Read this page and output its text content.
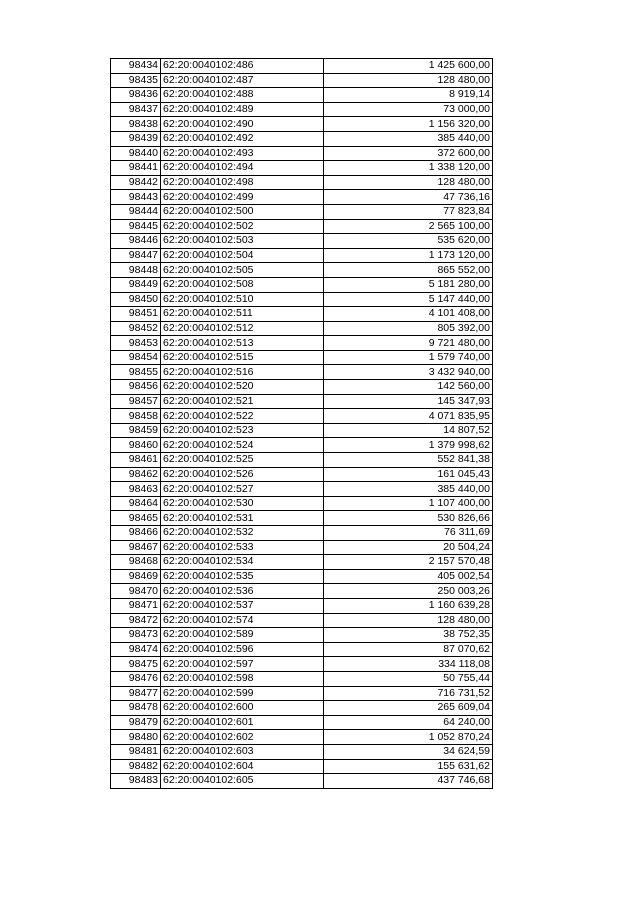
98434	62:20:0040102:486	1 425 600,00
98435	62:20:0040102:487	128 480,00
98436	62:20:0040102:488	8 919,14
98437	62:20:0040102:489	73 000,00
98438	62:20:0040102:490	1 156 320,00
98439	62:20:0040102:492	385 440,00
98440	62:20:0040102:493	372 600,00
98441	62:20:0040102:494	1 338 120,00
98442	62:20:0040102:498	128 480,00
98443	62:20:0040102:499	47 736,16
98444	62:20:0040102:500	77 823,84
98445	62:20:0040102:502	2 565 100,00
98446	62:20:0040102:503	535 620,00
98447	62:20:0040102:504	1 173 120,00
98448	62:20:0040102:505	865 552,00
98449	62:20:0040102:508	5 181 280,00
98450	62:20:0040102:510	5 147 440,00
98451	62:20:0040102:511	4 101 408,00
98452	62:20:0040102:512	805 392,00
98453	62:20:0040102:513	9 721 480,00
98454	62:20:0040102:515	1 579 740,00
98455	62:20:0040102:516	3 432 940,00
98456	62:20:0040102:520	142 560,00
98457	62:20:0040102:521	145 347,93
98458	62:20:0040102:522	4 071 835,95
98459	62:20:0040102:523	14 807,52
98460	62:20:0040102:524	1 379 998,62
98461	62:20:0040102:525	552 841,38
98462	62:20:0040102:526	161 045,43
98463	62:20:0040102:527	385 440,00
98464	62:20:0040102:530	1 107 400,00
98465	62:20:0040102:531	530 826,66
98466	62:20:0040102:532	76 311,69
98467	62:20:0040102:533	20 504,24
98468	62:20:0040102:534	2 157 570,48
98469	62:20:0040102:535	405 002,54
98470	62:20:0040102:536	250 003,26
98471	62:20:0040102:537	1 160 639,28
98472	62:20:0040102:574	128 480,00
98473	62:20:0040102:589	38 752,35
98474	62:20:0040102:596	87 070,62
98475	62:20:0040102:597	334 118,08
98476	62:20:0040102:598	50 755,44
98477	62:20:0040102:599	716 731,52
98478	62:20:0040102:600	265 609,04
98479	62:20:0040102:601	64 240,00
98480	62:20:0040102:602	1 052 870,24
98481	62:20:0040102:603	34 624,59
98482	62:20:0040102:604	155 631,62
98483	62:20:0040102:605	437 746,68
